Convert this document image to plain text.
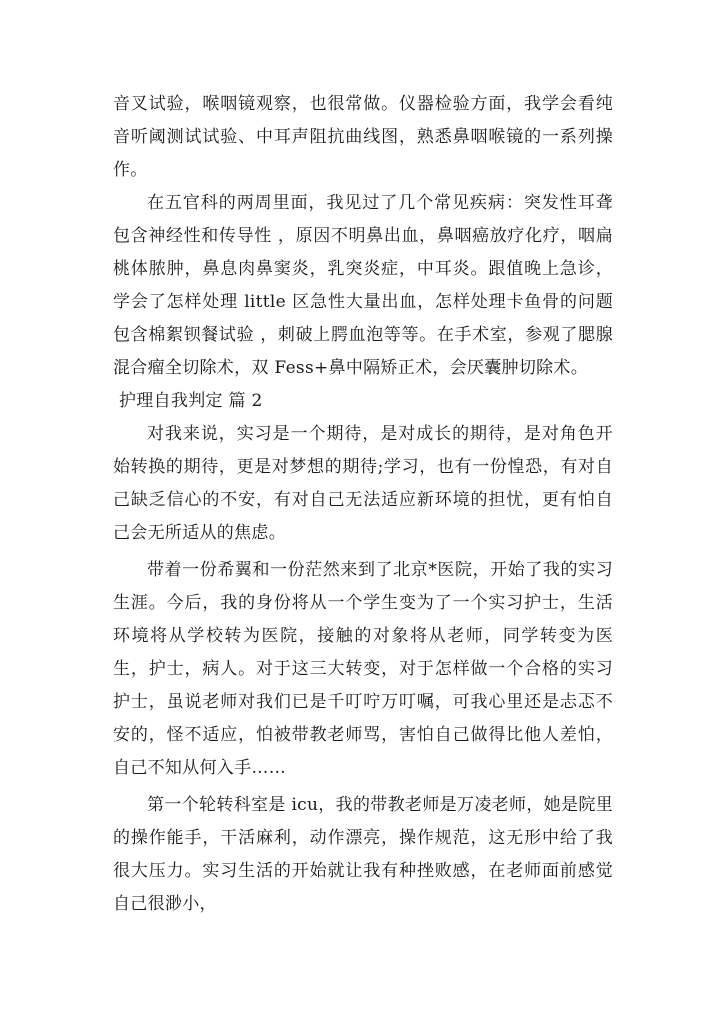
音叉试验，喉咽镜观察，也很常做。仪器检验方面，我学会看纯音听阈测试试验、中耳声阻抗曲线图，熟悉鼻咽喉镜的一系列操作。

在五官科的两周里面，我见过了几个常见疾病：突发性耳聋 包含神经性和传导性 ，原因不明鼻出血，鼻咽癌放疗化疗，咽扁桃体脓肿，鼻息肉鼻窦炎，乳突炎症，中耳炎。跟值晚上急诊，学会了怎样处理 little 区急性大量出血，怎样处理卡鱼骨的问题 包含棉絮钡餐试验 ，刺破上腭血泡等等。在手术室，参观了腮腺混合瘤全切除术，双 Fess+鼻中隔矫正术，会厌囊肿切除术。

护理自我判定 篇 2

对我来说，实习是一个期待，是对成长的期待，是对角色开始转换的期待，更是对梦想的期待;学习，也有一份惶恐，有对自己缺乏信心的不安，有对自己无法适应新环境的担忧，更有怕自己会无所适从的焦虑。

带着一份希翼和一份茫然来到了北京*医院，开始了我的实习生涯。今后，我的身份将从一个学生变为了一个实习护士，生活环境将从学校转为医院，接触的对象将从老师，同学转变为医生，护士，病人。对于这三大转变，对于怎样做一个合格的实习护士，虽说老师对我们已是千叮咛万叮嘱，可我心里还是忐忑不安的，怪不适应，怕被带教老师骂，害怕自己做得比他人差怕，自己不知从何入手……

第一个轮转科室是 icu，我的带教老师是万凌老师，她是院里的操作能手，干活麻利，动作漂亮，操作规范，这无形中给了我很大压力。实习生活的开始就让我有种挫败感，在老师面前感觉自己很渺小，
